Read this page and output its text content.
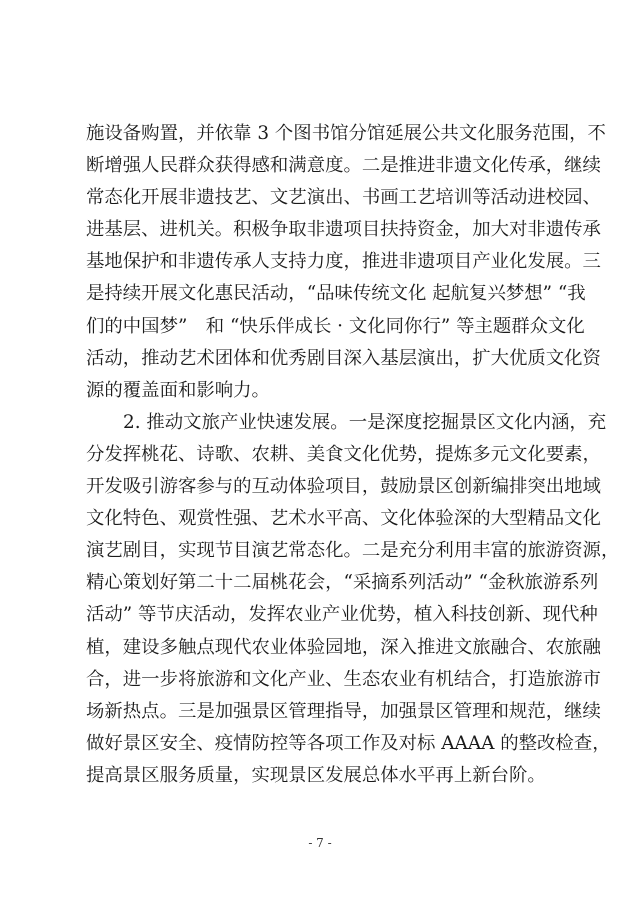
施设备购置，并依靠 3 个图书馆分馆延展公共文化服务范围，不
断增强人民群众获得感和满意度。二是推进非遗文化传承，继续
常态化开展非遗技艺、文艺演出、书画工艺培训等活动进校园、
进基层、进机关。积极争取非遗项目扶持资金，加大对非遗传承
基地保护和非遗传承人支持力度，推进非遗项目产业化发展。三
是持续开展文化惠民活动，“品味传统文化 起航复兴梦想” “我
们的中国梦”　和 “快乐伴成长 · 文化同你行” 等主题群众文化
活动，推动艺术团体和优秀剧目深入基层演出，扩大优质文化资
源的覆盖面和影响力。
2. 推动文旅产业快速发展。一是深度挖掘景区文化内涵，充
分发挥桃花、诗歌、农耕、美食文化优势，提炼多元文化要素，
开发吸引游客参与的互动体验项目，鼓励景区创新编排突出地域
文化特色、观赏性强、艺术水平高、文化体验深的大型精品文化
演艺剧目，实现节目演艺常态化。二是充分利用丰富的旅游资源，
精心策划好第二十二届桃花会，“采摘系列活动” “金秋旅游系列
活动” 等节庆活动，发挥农业产业优势，植入科技创新、现代种
植，建设多触点现代农业体验园地，深入推进文旅融合、农旅融
合，进一步将旅游和文化产业、生态农业有机结合，打造旅游市
场新热点。三是加强景区管理指导，加强景区管理和规范，继续
做好景区安全、疫情防控等各项工作及对标 AAAA 的整改检查，
提高景区服务质量，实现景区发展总体水平再上新台阶。
- 7 -
